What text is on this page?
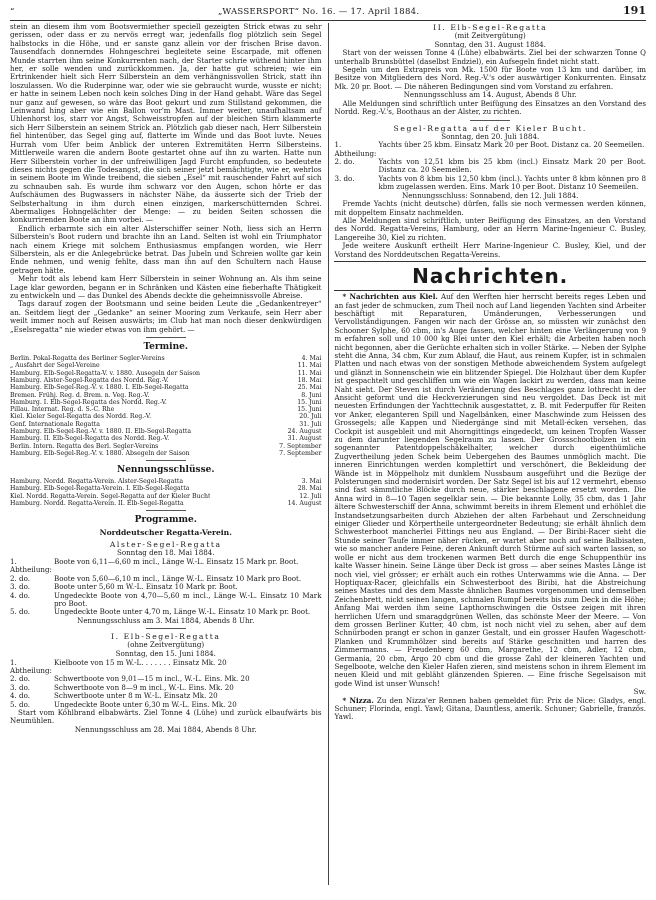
“	„WASSERSPORT“ No. 16. — 17. April 1884.	191

stein an diesem ihm vom Bootsvermiether speciell gezeigten Strick etwas zu sehr gerissen, oder dass er zu nervös erregt war, jedenfalls flog plötzlich sein Segel halbstocks in die Höhe, und er sanste ganz allein vor der frischen Brise davon. Tausendfach donnerndes Hohngeschrei begleitete seine Escarpade, mit offenen Munde starrten ihm seine Konkurrenten nach, der Starter schrie wüthend hinter ihm her, er solle wenden und zurückkommen. Ja, der hatte gut schreien; wie ein Ertrinkender hielt sich Herr Silberstein an dem verhängnissvollen Strick, statt ihn loszulassen. Wo die Ruderpinne war, oder wie sie gebraucht wurde, wusste er nicht; er hatte in seinem Leben noch kein solches Ding in der Hand gehabt. Wäre das Segel nur ganz auf gewesen, so wäre das Boot gekurt und zum Stillstand gekommen, die Leinwand hing aber wie ein Ballon vor'm Mast. Immer weiter, unaufhaltsam auf Uhlenhorst los, starr vor Angst, Schweisstropfen auf der bleichen Stirn klammerte sich Herr Silberstein an seinem Strick an. Plötzlich gab dieser nach, Herr Silberstein fiel hintenüber, das Segel ging auf, flatterte im Winde und das Boot luvte. Neues Hurrah vom Ufer beim Anblick der unteren Extremitäten Herrn Silbersteins. Mittlerweile waren die andern Boote gestartet ohne auf ihn zu warten. Hatte nun Herr Silberstein vorher in der unfreiwilligen Jagd Furcht empfunden, so bedeutete dieses nichts gegen die Todesangst, die sich seiner jetzt bemächtigte, wie er, wehrlos in seinem Boote im Winde treibend, die sieben „Esel“ mit rauschender Fahrt auf sich zu schnauben sah. Es wurde ihm schwarz vor den Augen, schon hörte er das Aufschäumen des Bugwassers in nächster Nähe, da äusserte sich der Trieb der Selbsterhaltung in ihm durch einen einzigen, markerschütternden Schrei. Abermaliges Hohngelächter der Menge: — zu beiden Seiten schossen die konkurrirenden Boote an ihm vorbei. —

Endlich erbarmte sich ein alter Alsterschiffer seiner Noth, liess sich an Herrn Silberstein's Boot rudern und brachte ihn an Land. Selten ist wohl ein Triumphator nach einem Kriege mit solchem Enthusiasmus empfangen worden, wie Herr Silberstein, als er die Anlegebrücke betrat. Das Jubeln und Schreien wollte gar kein Ende nehmen, und wenig fehlte, dass man ihn auf den Schultern nach Hause getragen hätte.

Mehr todt als lebend kam Herr Silberstein in seiner Wohnung an. Als ihm seine Lage klar geworden, begann er in Schränken und Kästen eine fieberhafte Thätigkeit zu entwickeln und — das Dunkel des Abends deckte die geheimnissvolle Abreise.

Tags darauf zogen der Bootsmann und seine beiden Leute die „Gedankentreyer“ an. Seitdem liegt der „Gedanke“ an seiner Mooring zum Verkaufe, sein Herr aber weilt immer noch auf Reisen auswärts; im Club hat man noch dieser denkwürdigen „Eselsregatta“ nie wieder etwas von ihm gehört. —

Termine.
Berlin. Pokal-Regatta des Berliner Segler-Vereins	4. Mai
„ Ausfahrt der Segel-Vereine	11. Mai
Hamburg. Elb-Segel-Regatta-V. v. 1880. Ausegeln der Saison	11. Mai
Hamburg. Alster-Segel-Regatta des Nordd. Reg.-V.	18. Mai
Hamburg. Elb-Segel-Reg.-V. v. 1880. I. Elb-Segel-Regatta	25. Mai
Bremen. Frühj. Reg. d. Brem. n. Veg. Reg.-V.	8. Juni
Hamburg. I. Elb-Segel-Regatta des Nordd. Reg.-V.	15. Juni
Pillau. Internat. Reg. d. S.-C. Rhe	15. Juni
Kiel. Kieler Segel-Regatta des Nordd. Reg.-V.	20. Juli
Genf. Internationale Regatta	31. Juli
Hamburg. Elb-Segel-Reg.-V. v. 1880. II. Elb-Segel-Regatta	24. August
Hamburg. II. Elb-Segel-Regatta des Nordd. Reg.-V.	31. August
Berlin. Intern. Regatta des Berl. Segler-Vereins	7. September
Hamburg. Elb-Segel-Reg.-V. v. 1880. Absegeln der Saison	7. September
Nennungsschlüsse.
Hamburg. Nordd. Regatta-Verein. Alster-Segel-Regatta	3. Mai
Hamburg. Elb-Segel-Regatta-Verein. I. Elb-Segel-Regatta	28. Mai
Kiel. Nordd. Regatta-Verein. Segel-Regatta auf der Kieler Bucht	12. Juli
Hamburg. Nordd. Regatta-Verein. II. Elb-Segel-Regatta	14. August
Programme.
Norddeutscher Regatta-Verein.
Alster-Segel-Regatta
Sonntag den 18. Mai 1884.
1. Abtheilung:
Boote von 6,11—6,60 m incl., Länge W.-L. Einsatz 15 Mark pr. Boot.
2. do.	Boote von 5,60—6,10 m incl., Länge W.-L. Einsatz 10 Mark pro Boot.
3. do.	Boote unter 5,60 m W.-L. Einsatz 10 Mark pr. Boot.
4. do.	Ungedeckte Boote von 4,70—5,60 m incl., Länge W.-L. Einsatz 10 Mark pro Boot.
5. do.	Ungedeckte Boote unter 4,70 m, Länge W.-L. Einsatz 10 Mark pr. Boot.
Nennungsschluss am 3. Mai 1884, Abends 8 Uhr.
I. Elb-Segel-Regatta
(ohne Zeitvergütung)
Sonntag, den 15. Juni 1884.
1. Abtheilung:
Kielboote von 15 m W.-L. . . . . . . Einsatz Mk. 20
2. do.	Schwertboote von 9,01—15 m incl., W.-L. Eins. Mk. 20
3. do.	Schwertboote von 8—9 m incl., W.-L. Eins. Mk. 20
4. do.	Schwertboote unter 8 m W.-L. Einsatz Mk. 20
5. do.	Ungedeckte Boote unter 6,30 m W.-L. Eins. Mk. 20

Start vom Köhlbrand elbabwärts. Ziel Tonne 4 (Lühe) und zurück elbaufwärts bis Neumühlen.

Nennungsschluss am 28. Mai 1884, Abends 8 Uhr.
II. Elb-Segel-Regatta
(mit Zeitvergütung)
Sonntag, den 31. August 1884.

Start von der weissen Tonne 4 (Lühe) elbabwärts. Ziel bei der schwarzen Tonne Q unterhalb Brunsbüttel (daselbst Endziel), ein Aufsegeln findet nicht statt.

Segeln um den Extrapreis von Mk. 1500 für Boote von 13 km und darüber, im Besitze von Mitgliedern des Nord. Reg.-V.'s oder auswärtiger Konkurrenten. Einsatz Mk. 20 pr. Boot. — Die näheren Bedingungen sind vom Vorstand zu erfahren.

Nennungsschluss am 14. August, Abends 8 Uhr.

Alle Meldungen sind schriftlich unter Beifügung des Einsatzes an den Vorstand des Nordd. Reg.-V.'s, Boothaus an der Alster, zu richten.

Segel-Regatta auf der Kieler Bucht.
Sonntag, den 20. Juli 1884.
1. Abtheilung:
Yachts über 25 kbm. Einsatz Mark 20 per Boot. Distanz ca. 20 Seemeilen.
2. do.	Yachts von 12,51 kbm bis 25 kbm (incl.) Einsatz Mark 20 per Boot. Distanz ca. 20 Seemeilen.
3. do.	Yachts von 8 kbm bis 12,50 kbm (incl.). Yachts unter 8 kbm können pro 8 kbm zugelassen werden. Eins. Mark 10 per Boot. Distanz 10 Seemeilen.
Nennungsschluss: Sonnabend, den 12. Juli 1884.

Fremde Yachts (nicht deutsche) dürfen, falls sie noch vermessen werden können, mit doppeltem Einsatz nachmelden.

Alle Meldungen sind schriftlich, unter Beifügung des Einsatzes, an den Vorstand des Nordd. Regatta-Vereins, Hamburg, oder an Herrn Marine-Ingenieur C. Busley, Langereihe 30, Kiel zu richten.

Jede weitere Auskunft ertheilt Herr Marine-Ingenieur C. Busley, Kiel, und der Vorstand des Norddeutschen Regatta-Vereins.

Nachrichten.

* Nachrichten aus Kiel. Auf den Werften hier herrscht bereits reges Leben und an fast jeder de schmucken, zum Theil noch auf Land liegenden Yachten sind Arbeiter beschäftigt mit Reparaturen, Umänderungen, Verbesserungen und Vervollständigungen. Fangen wir nach der Grösse an, so müssten wir zunächst den Schooner Sylphe, 60 cbm, in's Auge fassen, welcher hinten eine Verlängerung von 9 m erfahren soll und 10 000 kg Blei unter den Kiel erhält; die Arbeiten haben noch nicht begonnen, aber die Gerüchte erhalten sich in voller Stärke. — Neben der Sylphe steht die Anna, 34 cbm, Kur zum Ablauf, die Haut, aus reinem Kupfer, ist in schmalen Platten und nach etwas von der sonstigen Methode abweichendem System aufgelegt und glänzt in Sonnenschein wie ein blitzender Spiegel. Die Holzhaut über dem Kupfer ist gespachtelt und geschliffen um wie ein Wagen lackirt zu werden, dass man keine Naht sieht. Der Steven ist durch Veränderung des Beschlages ganz lothrecht in der Ansicht geformt und die Heckverzierungen sind neu vergoldet. Das Deck ist mit neuesten Erfindungen der Yachttechnik ausgestattet, z. B. mit Federpuffer für Reiten vor Anker, eleganteren Spill und Nagelbänken, einer Maschwinde zum Heissen des Grossegels; alle Kappen und Niedergänge sind mit Metall-écken versehen, das Cockpit ist ausgebleit und mit Ahorngittings eingedeckt, um keinen Tropfen Wasser zu dem darunter liegenden Segelraum zu lassen. Der Grossschootbolzen ist ein sogenannter Patentdoppelschäkelhalter, welcher durch eigenthümliche Zugvertheilung jeden Schek beim Uebergehen des Baumes unmöglich macht. Die inneren Einrichtungen werden komplettirt und verschönert, die Bekleidung der Wände ist in Möppelholz mit dunklem Nussbaum ausgeführt und die Bezüge der Polsterungen sind modernisirt worden. Der Satz Segel ist bis auf 12 vermehrt, ebenso sind fast sämmtliche Blöcke durch neue, stärker beschlagene ersetzt worden. Die Anna wird in 8—10 Tagen segelklar sein. — Die bekannte Lolly, 35 cbm, das 1 Jahr ältere Schwesterschiff der Anna, schwimmt bereits in ihrem Element und erhöhlet die Instandsetzungsarbeiten durch Abziehen der alten Farbehaut und Zerschneidung einiger Glieder und Körpertheile untergeordneter Bedeutung; sie erhält ähnlich dem Schwesterboot mancherlei Fittings neu aus England. — Der Biribi-Racer sieht die Stunde seiner Taufe immer näher rücken, er wartet aber noch auf seine Balbisaten, wie so mancher andere Feine, deren Ankunft durch Stürme auf sich warten lassen, so wolle er nicht aus dem trockenen warmen Bett durch die enge Schuppenthür ins kalte Wasser hinein. Seine Länge über Deck ist gross — aber seines Mastes Länge ist noch viel, viel grösser; er erhält auch ein rothes Unterwamms wie die Anna. — Der Hoptiquax-Racer, gleichfalls ein Schwesterboot des Biribi, hat die Abstreichung seines Mastes und des dem Masste ähnlichen Baumes vorgenommen und demselben Zeichenbrett, nickt seinen langen, schmalen Rumpf bereits bis zum Deck in die Höhe; Anfang Mai werden ihm seine Lapthornschwingen die Ostsee zeigen mit ihren herrlichen Ufern und smaragdgrünen Wellen, das schönste Meer der Meere. — Von dem grossen Berliner Kutter, 40 cbm, ist noch nicht viel zu sehen, aber auf dem Schnürboden prangt er schon in ganzer Gestalt, und ein grosser Haufen Wageschott-Planken und Krummhölzer sind bereits auf Stärke geschnitten und harren des Zimmermanns. — Freudenberg 60 cbm, Margarethe, 12 cbm, Adler, 12 cbm, Germania, 20 cbm, Argo 20 cbm und die grosse Zahl der kleineren Yachten und Segelboote, welche den Kieler Hafen zieren, sind meistens schon in ihrem Element im neuen Kleid und mit gebläht glänzenden Spieren. — Eine frische Segelsaison mit gode Wind ist unser Wunsch!

Sw.

* Nizza. Zu den Nizza'er Rennen haben gemeldet für: Prix de Nice: Gladys, engl. Schuner; Florinda, engl. Yawl; Gitana, Dauntless, amerik. Schuner; Gabrielle, französ. Yawl.
